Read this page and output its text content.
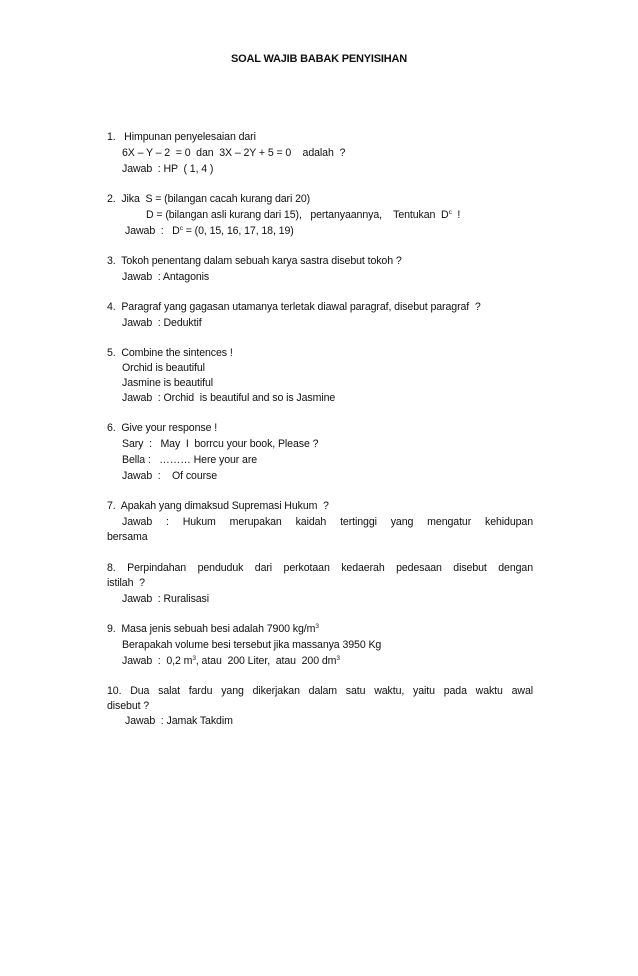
SOAL WAJIB BABAK PENYISIHAN
1.   Himpunan penyelesaian dari
6X – Y – 2  = 0  dan  3X – 2Y + 5 = 0    adalah  ?
Jawab  : HP  ( 1, 4 )
2.  Jika  S = (bilangan cacah kurang dari 20)
D = (bilangan asli kurang dari 15),   pertanyaannya,    Tentukan  $D^c$  !
Jawab  :   $D^c = (0$, 15, 16, 17, 18, 19)
3.  Tokoh penentang dalam sebuah karya sastra disebut tokoh ?
Jawab  : Antagonis
4.  Paragraf yang gagasan utamanya terletak diawal paragraf, disebut paragraf  ?
Jawab  : Deduktif
5.  Combine the sintences !
Orchid is beautiful
Jasmine is beautiful
Jawab  : Orchid  is beautiful and so is Jasmine
6.  Give your response !
Sary  :   May  I  borrcu your book, Please ?
Bella :   ……… Here your are
Jawab  :    Of course
7.  Apakah yang dimaksud Supremasi Hukum  ?
Jawab : Hukum merupakan kaidah tertinggi yang mengatur kehidupan
bersama
8. Perpindahan penduduk dari perkotaan kedaerah pedesaan disebut dengan
istilah  ?
Jawab  : Ruralisasi
9.  Masa jenis sebuah besi adalah 7900 $kg/m^3$
Berapakah volume besi tersebut jika massanya 3950 Kg
Jawab  :  0,2 $m^3$, atau  200 Liter,  atau  200 $dm^3$
10. Dua salat fardu yang dikerjakan dalam satu waktu, yaitu pada waktu awal
disebut ?
Jawab  : Jamak Takdim
